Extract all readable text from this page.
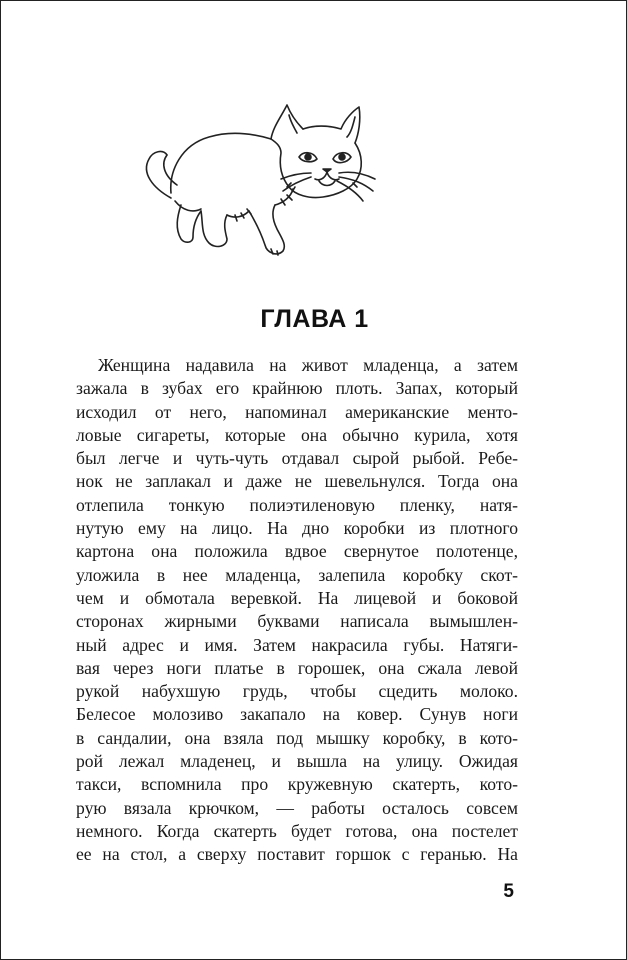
ГЛАВА 1
Женщина надавила на живот младенца, а затем
зажала в зубах его крайнюю плоть. Запах, который
исходил от него, напоминал американские менто-
ловые сигареты, которые она обычно курила, хотя
был легче и чуть-чуть отдавал сырой рыбой. Ребе-
нок не заплакал и даже не шевельнулся. Тогда она
отлепила тонкую полиэтиленовую пленку, натя-
нутую ему на лицо. На дно коробки из плотного
картона она положила вдвое свернутое полотенце,
уложила в нее младенца, залепила коробку скот-
чем и обмотала веревкой. На лицевой и боковой
сторонах жирными буквами написала вымышлен-
ный адрес и имя. Затем накрасила губы. Натяги-
вая через ноги платье в горошек, она сжала левой
рукой набухшую грудь, чтобы сцедить молоко.
Белесое молозиво закапало на ковер. Сунув ноги
в сандалии, она взяла под мышку коробку, в кото-
рой лежал младенец, и вышла на улицу. Ожидая
такси, вспомнила про кружевную скатерть, кото-
рую вязала крючком, — работы осталось совсем
немного. Когда скатерть будет готова, она постелет
ее на стол, а сверху поставит горшок с геранью. На
5
